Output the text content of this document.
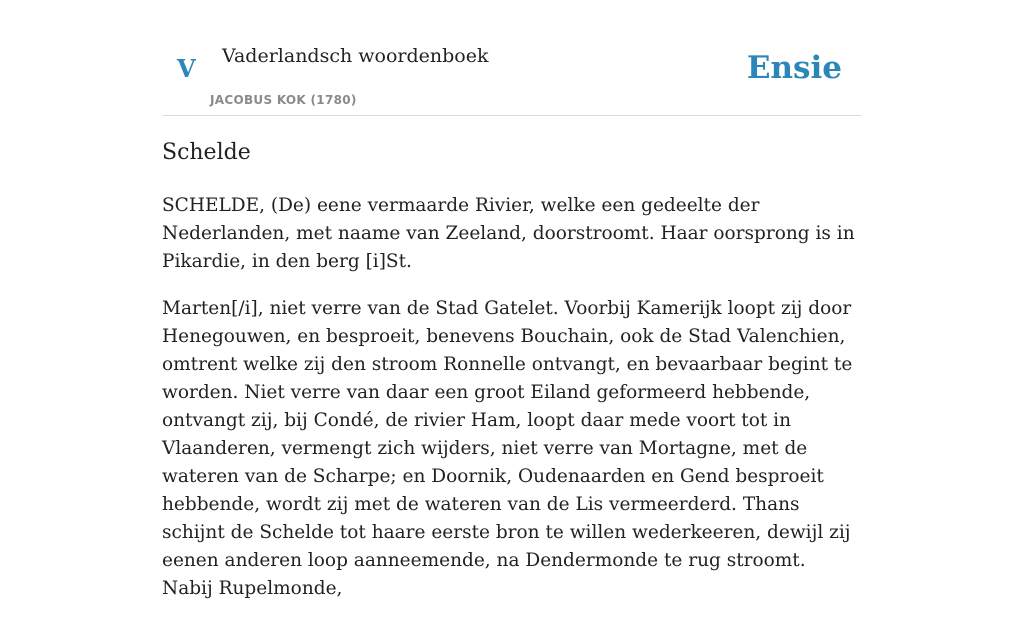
V Vaderlandsch woordenboek
JACOBUS KOK (1780)
Ensie
Schelde

SCHELDE, (De) eene vermaarde Rivier, welke een gedeelte der Nederlanden, met naame van Zeeland, doorstroomt. Haar oorsprong is in Pikardie, in den berg [i]St.

Marten[/i], niet verre van de Stad Gatelet. Voorbij Kamerijk loopt zij door Henegouwen, en besproeit, benevens Bouchain, ook de Stad Valenchien, omtrent welke zij den stroom Ronnelle ontvangt, en bevaarbaar begint te worden. Niet verre van daar een groot Eiland geformeerd hebbende, ontvangt zij, bij Condé, de rivier Ham, loopt daar mede voort tot in Vlaanderen, vermengt zich wijders, niet verre van Mortagne, met de wateren van de Scharpe; en Doornik, Oudenaarden en Gend besproeit hebbende, wordt zij met de wateren van de Lis vermeerderd. Thans schijnt de Schelde tot haare eerste bron te willen wederkeeren, dewijl zij eenen anderen loop aanneemende, na Dendermonde te rug stroomt. Nabij Rupelmonde,
